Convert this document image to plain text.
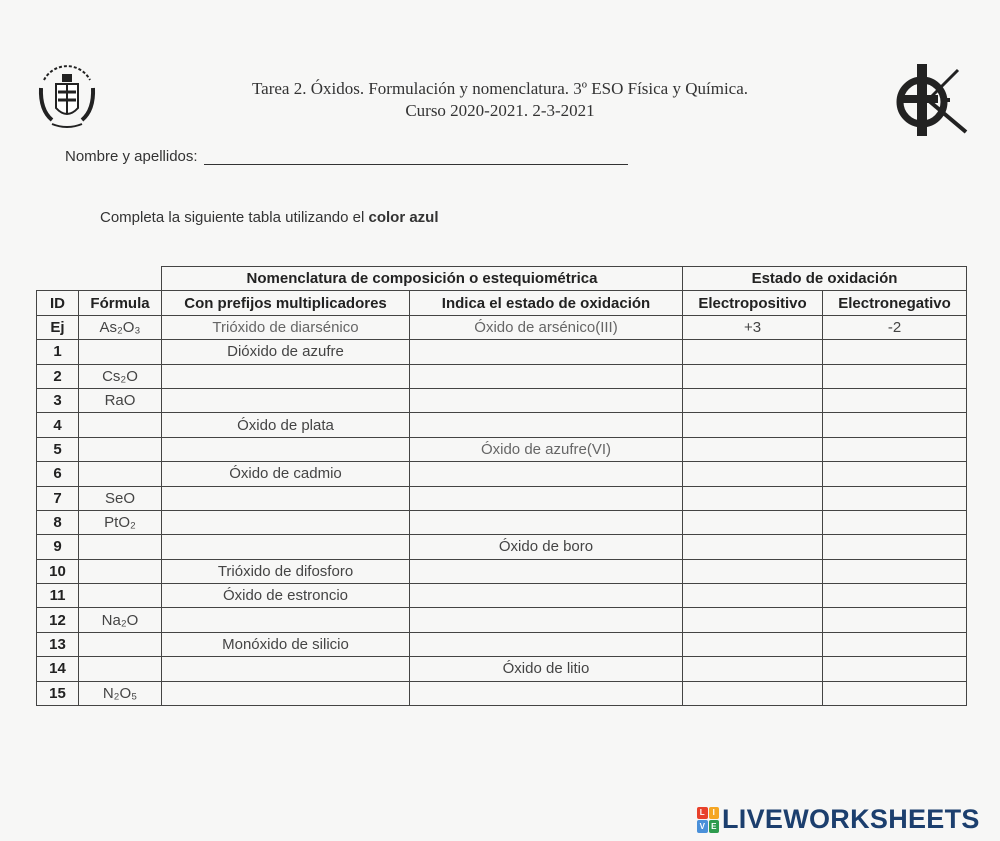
Tarea 2. Óxidos. Formulación y nomenclatura. 3º ESO Física y Química.
Curso 2020-2021. 2-3-2021
Nombre y apellidos:
Completa la siguiente tabla utilizando el color azul
		Nomenclatura de composición o estequiométrica		Estado de oxidación	
ID	Fórmula	Con prefijos multiplicadores	Indica el estado de oxidación	Electropositivo	Electronegativo
Ej	As₂O₃	Trióxido de diarsénico	Óxido de arsénico(III)	+3	-2
1		Dióxido de azufre			
2	Cs₂O				
3	RaO				
4		Óxido de plata			
5			Óxido de azufre(VI)		
6		Óxido de cadmio			
7	SeO				
8	PtO₂				
9			Óxido de boro		
10		Trióxido de difosforo			
11		Óxido de estroncio			
12	Na₂O				
13		Monóxido de silicio			
14			Óxido de litio		
15	N₂O₅				
L I
V E LIVEWORKSHEETS
